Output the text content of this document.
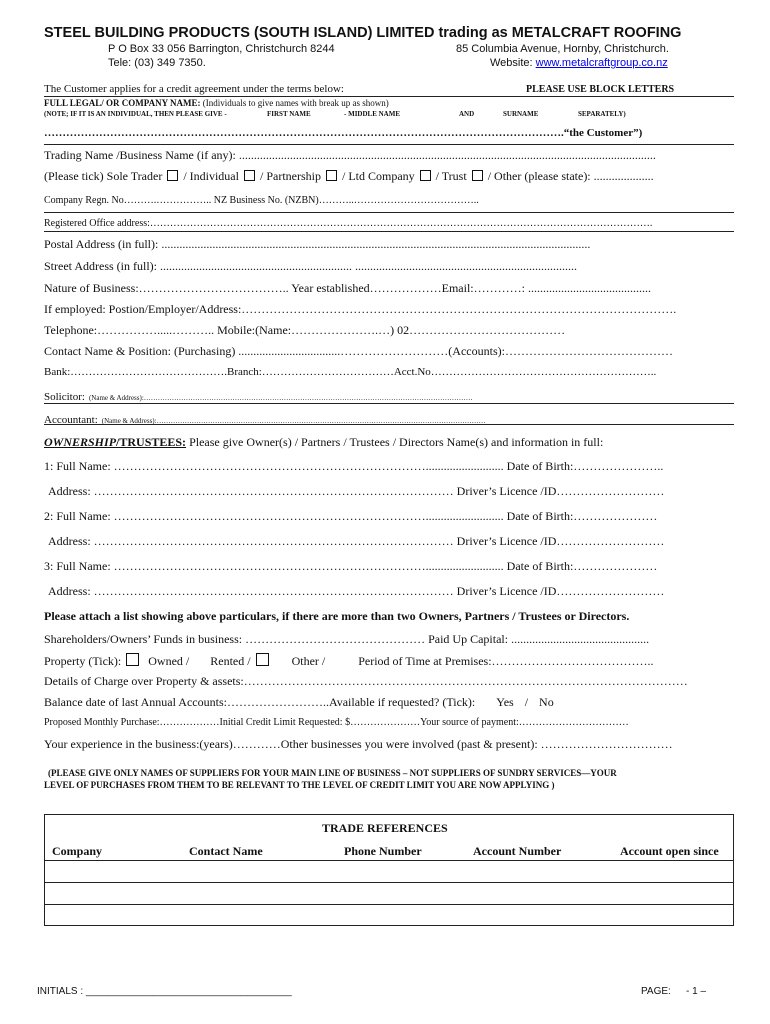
STEEL BUILDING PRODUCTS (SOUTH ISLAND) LIMITED trading as METALCRAFT ROOFING
P O Box 33 056 Barrington, Christchurch 8244
Tele: (03) 349 7350.
85 Columbia Avenue, Hornby, Christchurch.
Website: www.metalcraftgroup.co.nz
The Customer applies for a credit agreement under the terms below:	PLEASE USE BLOCK LETTERS
FULL LEGAL/ OR COMPANY NAME: (Individuals to give names with break up as shown)
(NOTE; IF IT IS AN INDIVIDUAL, THEN PLEASE GIVE -	FIRST NAME	- MIDDLE NAME	AND	SURNAME	SEPARATELY)
…………………………………………………………………………………………………………………………….“the Customer”)
Trading Name /Business Name (if any): ...........................................................................................................................................
(Please tick) Sole Trader / Individual / Partnership / Ltd Company / Trust / Other (please state): ....................
Company Regn. No……….…………….. NZ Business No. (NZBN)………..………………………………..
Registered Office address:…………………………………………………………………………………………………………………………………….
Postal Address (in full): ...............................................................................................................................................
Street Address (in full): ................................................................ ..........................................................................
Nature of Business:……………………………….. Year established………………Email:…………: .........................................
If employed: Postion/Employer/Address:……………………………………………………………………………………………….
Telephone:…………….....……….. Mobile:(Name:………………….…) 02…………………………………
Contact Name & Position: (Purchasing) ..................................………………………(Accounts):……………………………………
Bank:…………………………………….Branch:………………………………Acct.No……………………………………………………..
Solicitor: (Name & Address):……………………………………………………………………………………………………………………………
Accountant: (Name & Address):……………………………………………………………………………………………………………………………
OWNERSHIP/TRUSTEES: Please give Owner(s) / Partners / Trustees / Directors Name(s) and information in full:
1: Full Name: …………………………………………………………………….......................... Date of Birth:…………………..
Address: ……………………………………………………………………………… Driver’s Licence /ID………………………
2: Full Name: …………………………………………………………………….......................... Date of Birth:…………………
Address: ……………………………………………………………………………… Driver’s Licence /ID………………………
3: Full Name: …………………………………………………………………….......................... Date of Birth:…………………
Address: ……………………………………………………………………………… Driver’s Licence /ID………………………
Please attach a list showing above particulars, if there are more than two Owners, Partners / Trustees or Directors.
Shareholders/Owners’ Funds in business: ……………………………………… Paid Up Capital: ..............................................
Property (Tick): Owned / Rented /	Other /	Period of Time at Premises:…………………………………..
Details of Charge over Property & assets:…………………………………………………………………………………………………
Balance date of last Annual Accounts:……………………..Available if requested? (Tick): Yes / No
Proposed Monthly Purchase:………………Initial Credit Limit Requested: $…………………Your source of payment:……………………………
Your experience in the business:(years)…………Other businesses you were involved (past & present): ……………………………
(PLEASE GIVE ONLY NAMES OF SUPPLIERS FOR YOUR MAIN LINE OF BUSINESS – NOT SUPPLIERS OF SUNDRY SERVICES—YOUR
LEVEL OF PURCHASES FROM THEM TO BE RELEVANT TO THE LEVEL OF CREDIT LIMIT YOU ARE NOW APPLYING )
TRADE REFERENCES
Company	Contact Name	Phone Number	Account Number	Account open since
INITIALS : _____________________________________	PAGE: - 1 –
